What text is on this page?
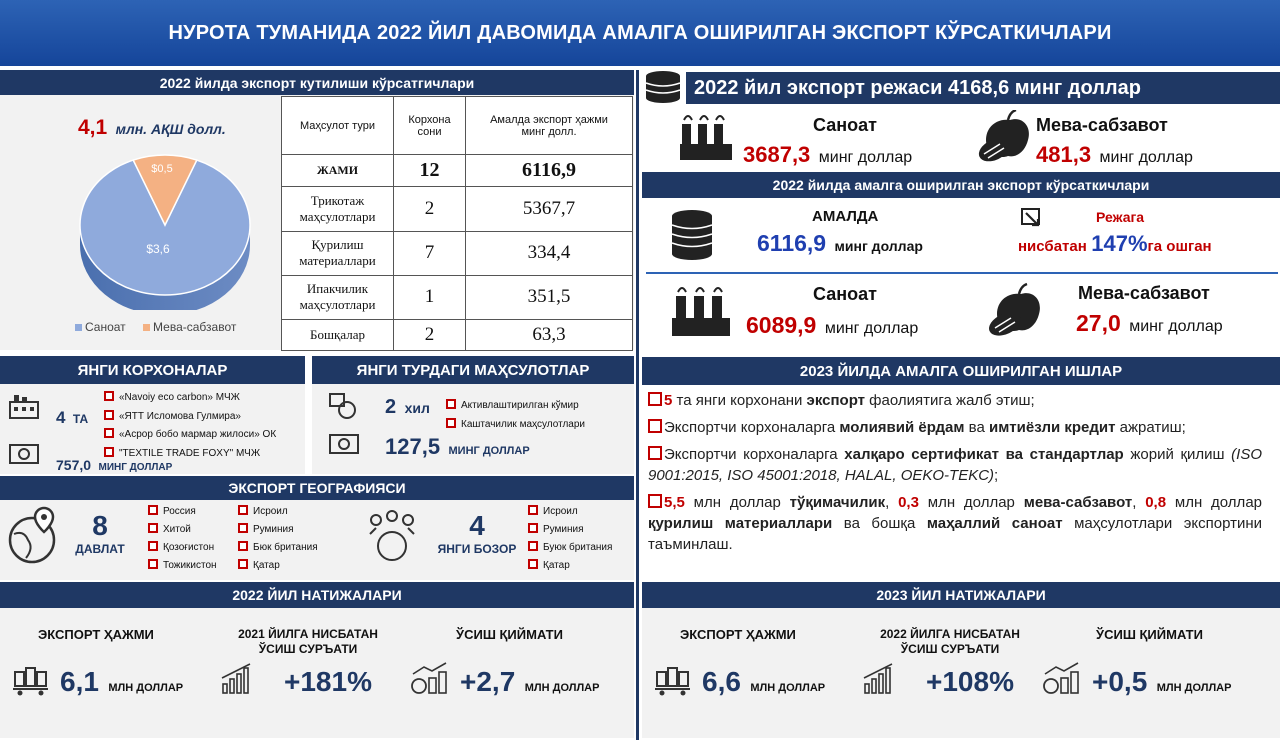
НУРОТА ТУМАНИДА 2022 ЙИЛ ДАВОМИДА АМАЛГА ОШИРИЛГАН ЭКСПОРТ КЎРСАТКИЧЛАРИ
2022 йилда экспорт кутилиши кўрсатгичлари
4,1 млн. АҚШ долл.
$3,6
$0,5
Саноат Мева-сабзавот
Маҳсулот тури	Корхона сони	Амалда экспорт ҳажми минг долл.
ЖАМИ	12	6116,9
Трикотаж маҳсулотлари	2	5367,7
Қурилиш материаллари	7	334,4
Ипакчилик маҳсулотлари	1	351,5
Бошқалар	2	63,3
ЯНГИ КОРХОНАЛАР
4 ТА
757,0 МИНГ ДОЛЛАР
«Navoiy eco carbon» МЧЖ
«ЯТТ Исломова Гулмира»
«Асрор бобо мармар жилоси» ОК
"TEXTILE TRADE FOXY" МЧЖ
ЯНГИ ТУРДАГИ МАҲСУЛОТЛАР
2 хил	Активлаштирилган кўмир
Каштачилик маҳсулотлари
127,5 МИНГ ДОЛЛАР
ЭКСПОРТ ГЕОГРАФИЯСИ
8
ДАВЛАТ
Россия
Хитой
Қозоғистон
Тожикистон
Исроил
Руминия
Бюк британия
Қатар
4
ЯНГИ БОЗОР
Исроил
Руминия
Буюк британия
Қатар
2022 ЙИЛ НАТИЖАЛАРИ
ЭКСПОРТ ҲАЖМИ	2021 ЙИЛГА НИСБАТАН
ЎСИШ СУРЪАТИ
ЎСИШ ҚИЙМАТИ
6,1 МЛН ДОЛЛАР	+181%	+2,7 МЛН ДОЛЛАР
2022 йил экспорт режаси 4168,6 минг доллар
Саноат
3687,3 минг доллар
Мева-сабзавот
481,3 минг доллар
2022 йилда амалга оширилган экспорт кўрсаткичлари
АМАЛДА
6116,9 минг доллар
Режага
нисбатан 147%га ошган
Саноат
6089,9 минг доллар
Мева-сабзавот
27,0 минг доллар
2023 ЙИЛДА АМАЛГА ОШИРИЛГАН ИШЛАР
5 та янги корхонани экспорт фаолиятига жалб этиш;
Экспортчи корхоналарга молиявий ёрдам ва имтиёзли кредит ажратиш;
Экспортчи корхоналарга халқаро сертификат ва стандартлар жорий қилиш (ISO 9001:2015, ISO 45001:2018, HALAL, OEKO-TEKС);
5,5 млн доллар тўқимачилик, 0,3 млн доллар мева-сабзавот, 0,8 млн доллар қурилиш материаллари ва бошқа маҳаллий саноат маҳсулотлари экспортини таъминлаш.
2023 ЙИЛ НАТИЖАЛАРИ
ЭКСПОРТ ҲАЖМИ	2022 ЙИЛГА НИСБАТАН
ЎСИШ СУРЪАТИ
ЎСИШ ҚИЙМАТИ
6,6 МЛН ДОЛЛАР	+108%	+0,5 МЛН ДОЛЛАР
